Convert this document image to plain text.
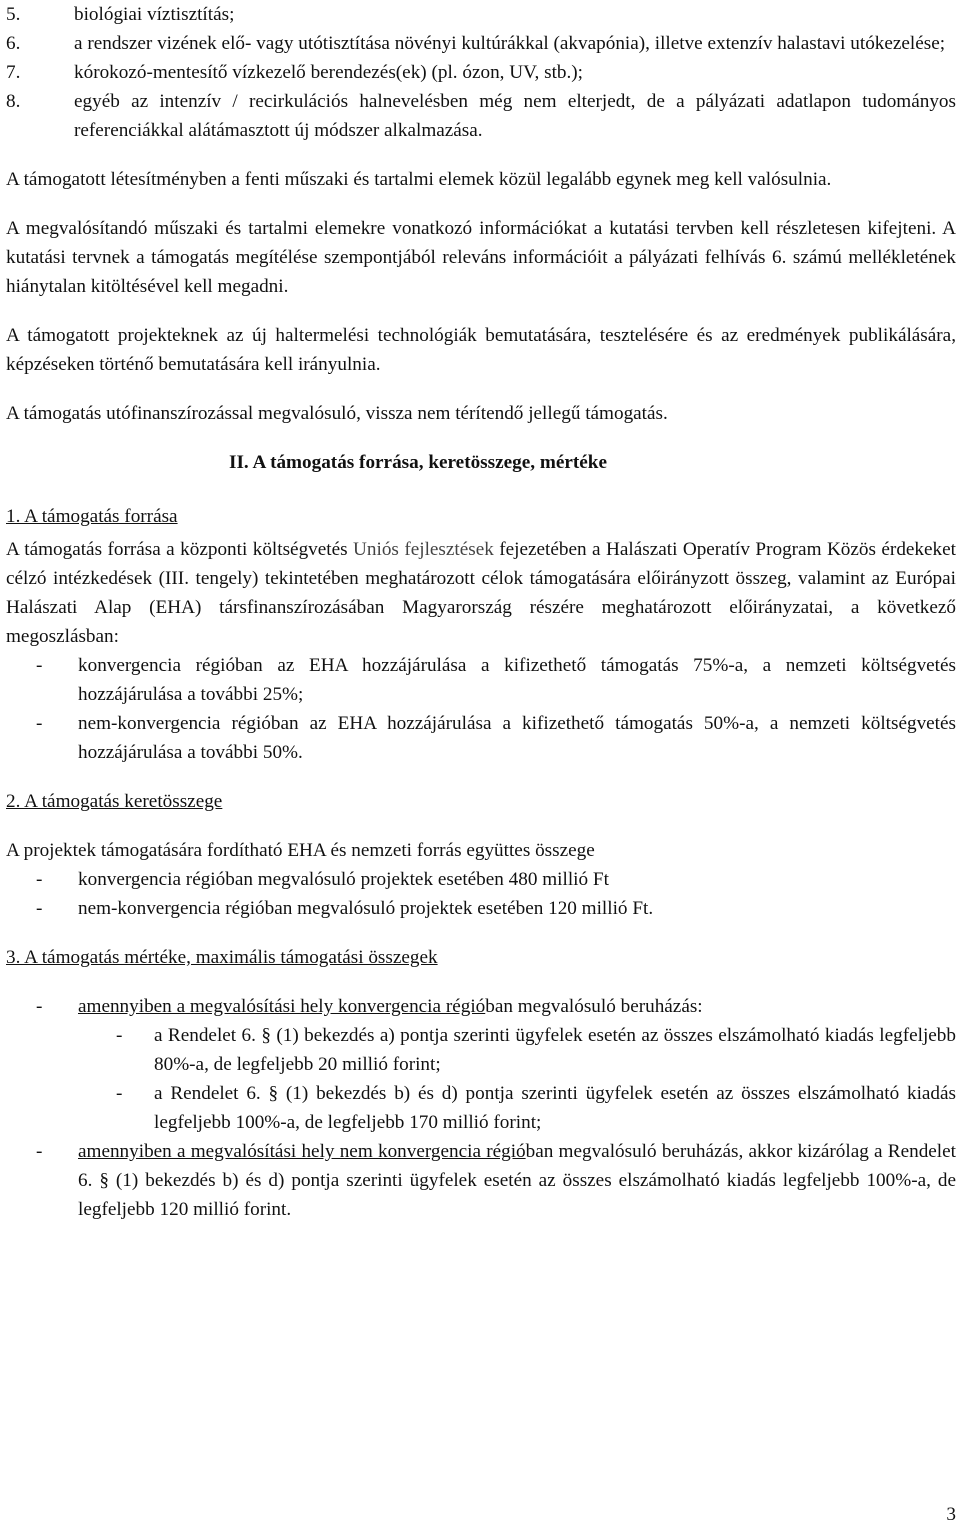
5.	biológiai víztisztítás;
6.	a rendszer vizének elő- vagy utótisztítása növényi kultúrákkal (akvapónia), illetve extenzív halastavi utókezelése;
7.	kórokozó-mentesítő vízkezelő berendezés(ek) (pl. ózon, UV, stb.);
8.	egyéb az intenzív / recirkulációs halnevelésben még nem elterjedt, de a pályázati adatlapon tudományos referenciákkal alátámasztott új módszer alkalmazása.

A támogatott létesítményben a fenti műszaki és tartalmi elemek közül legalább egynek meg kell valósulnia.

A megvalósítandó műszaki és tartalmi elemekre vonatkozó információkat a kutatási tervben kell részletesen kifejteni. A kutatási tervnek a támogatás megítélése szempontjából releváns információit a pályázati felhívás 6. számú mellékletének hiánytalan kitöltésével kell megadni.

A támogatott projekteknek az új haltermelési technológiák bemutatására, tesztelésére és az eredmények publikálására, képzéseken történő bemutatására kell irányulnia.

A támogatás utófinanszírozással megvalósuló, vissza nem térítendő jellegű támogatás.

II. A támogatás forrása, keretösszege, mértéke
1. A támogatás forrása

A támogatás forrása a központi költségvetés Uniós fejlesztések fejezetében a Halászati Operatív Program Közös érdekeket célzó intézkedések (III. tengely) tekintetében meghatározott célok támogatására előirányzott összeg, valamint az Európai Halászati Alap (EHA) társfinanszírozásában Magyarország részére meghatározott előirányzatai, a következő megoszlásban:

- konvergencia régióban az EHA hozzájárulása a kifizethető támogatás 75%-a, a nemzeti költségvetés hozzájárulása a további 25%;
- nem-konvergencia régióban az EHA hozzájárulása a kifizethető támogatás 50%-a, a nemzeti költségvetés hozzájárulása a további 50%.
2. A támogatás keretösszege

A projektek támogatására fordítható EHA és nemzeti forrás együttes összege

- konvergencia régióban megvalósuló projektek esetében 480 millió Ft
- nem-konvergencia régióban megvalósuló projektek esetében 120 millió Ft.
3. A támogatás mértéke, maximális támogatási összegek
- amennyiben a megvalósítási hely konvergencia régióban megvalósuló beruházás:
- a Rendelet 6. § (1) bekezdés a) pontja szerinti ügyfelek esetén az összes elszámolható kiadás legfeljebb 80%-a, de legfeljebb 20 millió forint;
- a Rendelet 6. § (1) bekezdés b) és d) pontja szerinti ügyfelek esetén az összes elszámolható kiadás legfeljebb 100%-a, de legfeljebb 170 millió forint;
- amennyiben a megvalósítási hely nem konvergencia régióban megvalósuló beruházás, akkor kizárólag a Rendelet 6. § (1) bekezdés b) és d) pontja szerinti ügyfelek esetén az összes elszámolható kiadás legfeljebb 100%-a, de legfeljebb 120 millió forint.
3
